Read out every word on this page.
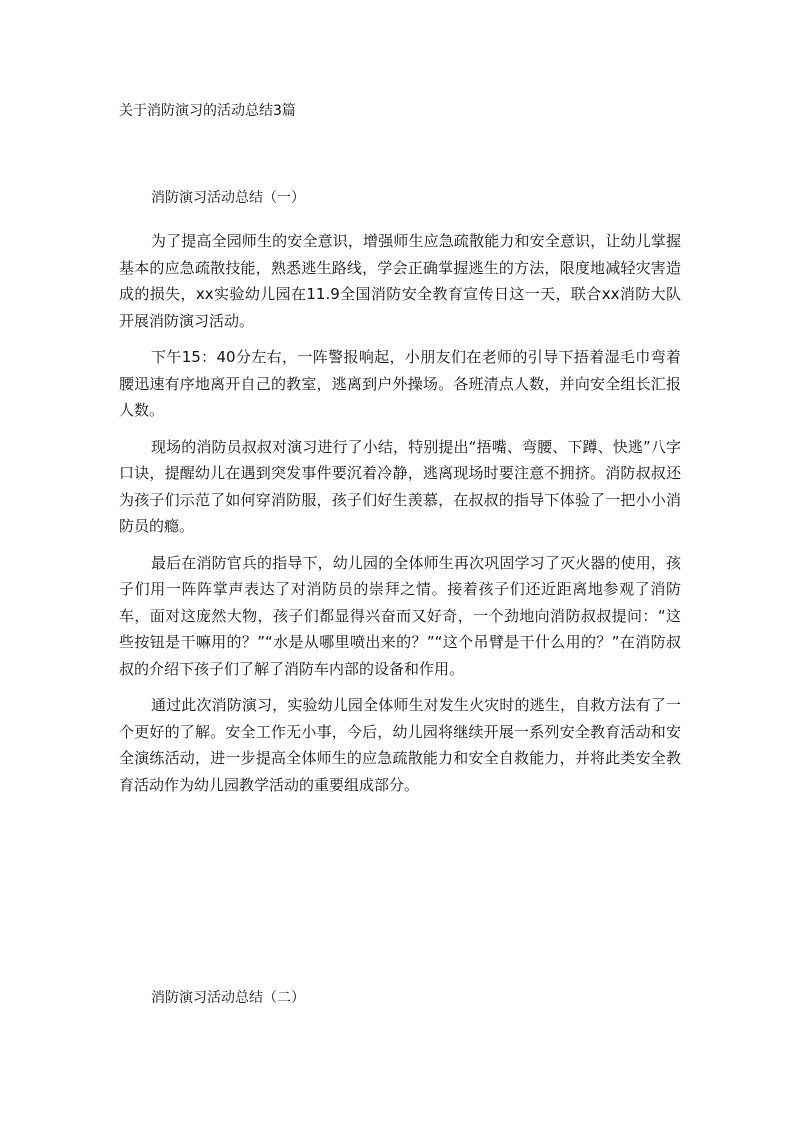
关于消防演习的活动总结3篇
消防演习活动总结（一）

为了提高全园师生的安全意识，增强师生应急疏散能力和安全意识，让幼儿掌握基本的应急疏散技能，熟悉逃生路线，学会正确掌握逃生的方法，限度地减轻灾害造成的损失，xx实验幼儿园在11.9全国消防安全教育宣传日这一天，联合xx消防大队开展消防演习活动。

下午15：40分左右，一阵警报响起，小朋友们在老师的引导下捂着湿毛巾弯着腰迅速有序地离开自己的教室，逃离到户外操场。各班清点人数，并向安全组长汇报人数。

现场的消防员叔叔对演习进行了小结，特别提出“捂嘴、弯腰、下蹲、快逃”八字口诀，提醒幼儿在遇到突发事件要沉着冷静，逃离现场时要注意不拥挤。消防叔叔还为孩子们示范了如何穿消防服，孩子们好生羡慕，在叔叔的指导下体验了一把小小消防员的瘾。

最后在消防官兵的指导下，幼儿园的全体师生再次巩固学习了灭火器的使用，孩子们用一阵阵掌声表达了对消防员的崇拜之情。接着孩子们还近距离地参观了消防车，面对这庞然大物，孩子们都显得兴奋而又好奇，一个劲地向消防叔叔提问：“这些按钮是干嘛用的？”“水是从哪里喷出来的？”“这个吊臂是干什么用的？”在消防叔叔的介绍下孩子们了解了消防车内部的设备和作用。

通过此次消防演习，实验幼儿园全体师生对发生火灾时的逃生，自救方法有了一个更好的了解。安全工作无小事，今后，幼儿园将继续开展一系列安全教育活动和安全演练活动，进一步提高全体师生的应急疏散能力和安全自救能力，并将此类安全教育活动作为幼儿园教学活动的重要组成部分。

消防演习活动总结（二）
